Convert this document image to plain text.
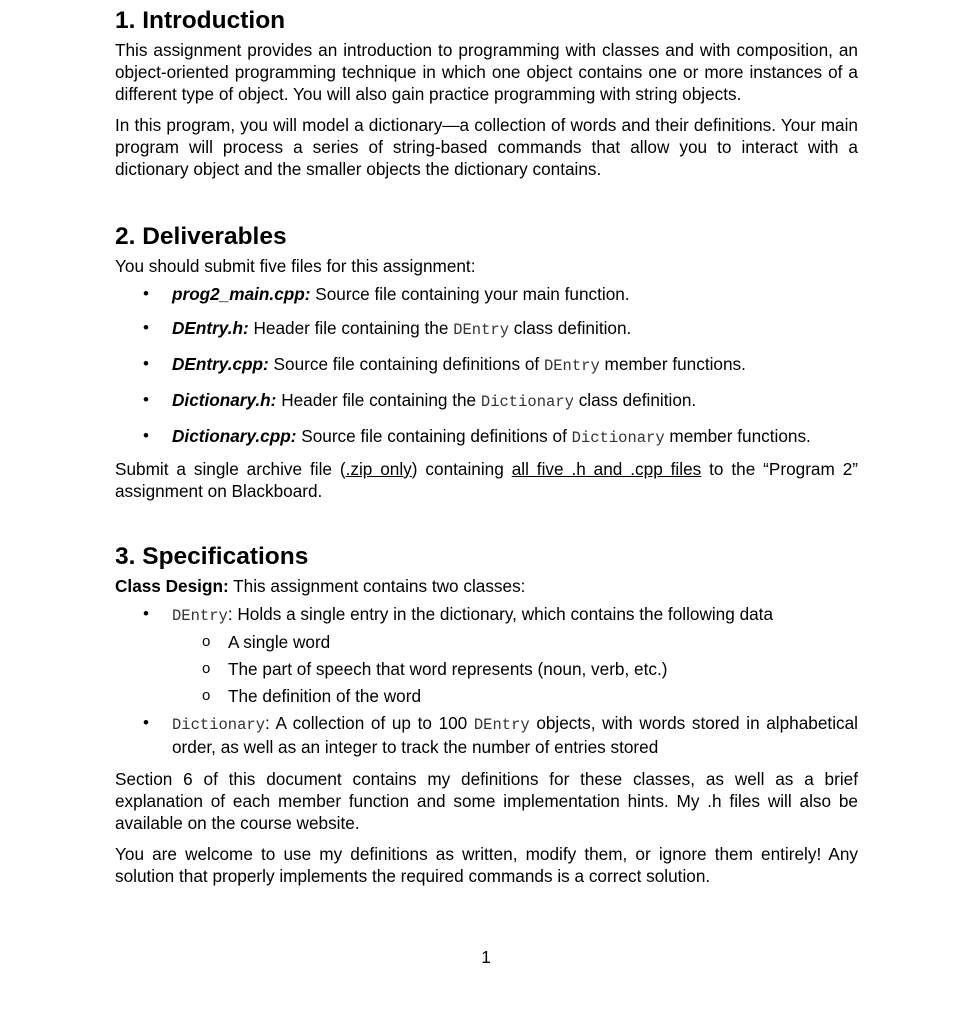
1. Introduction

This assignment provides an introduction to programming with classes and with composition, an object-oriented programming technique in which one object contains one or more instances of a different type of object. You will also gain practice programming with string objects.

In this program, you will model a dictionary—a collection of words and their definitions. Your main program will process a series of string-based commands that allow you to interact with a dictionary object and the smaller objects the dictionary contains.

2. Deliverables

You should submit five files for this assignment:

• prog2_main.cpp: Source file containing your main function.
• DEntry.h: Header file containing the DEntry class definition.
• DEntry.cpp: Source file containing definitions of DEntry member functions.
• Dictionary.h: Header file containing the Dictionary class definition.
• Dictionary.cpp: Source file containing definitions of Dictionary member functions.

Submit a single archive file (.zip only) containing all five .h and .cpp files to the “Program 2” assignment on Blackboard.

3. Specifications

Class Design: This assignment contains two classes:

• DEntry: Holds a single entry in the dictionary, which contains the following data
o A single word
o The part of speech that word represents (noun, verb, etc.)
o The definition of the word
• Dictionary: A collection of up to 100 DEntry objects, with words stored in alphabetical order, as well as an integer to track the number of entries stored

Section 6 of this document contains my definitions for these classes, as well as a brief explanation of each member function and some implementation hints. My .h files will also be available on the course website.

You are welcome to use my definitions as written, modify them, or ignore them entirely! Any solution that properly implements the required commands is a correct solution.

1
